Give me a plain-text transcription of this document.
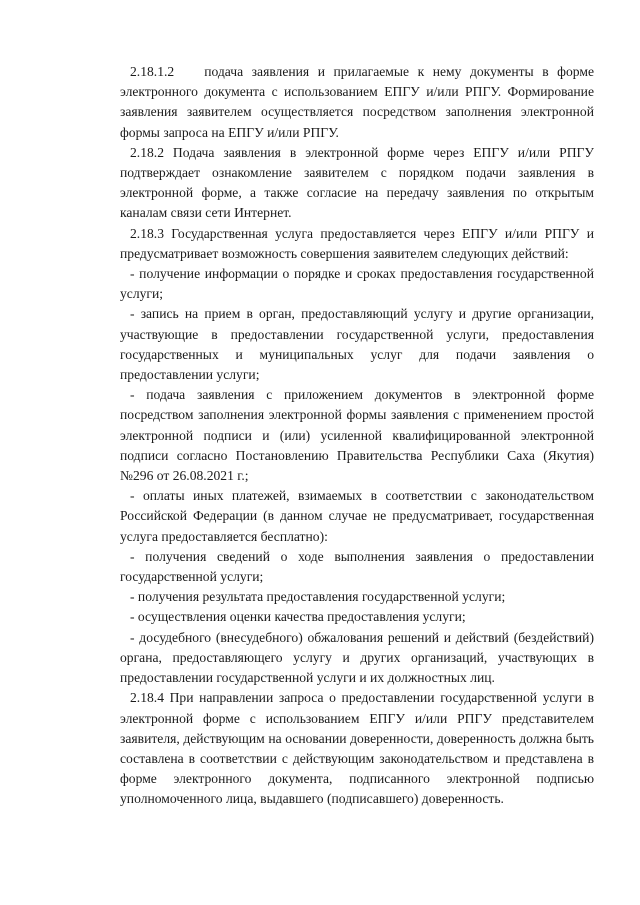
2.18.1.2 подача заявления и прилагаемые к нему документы в форме электронного документа с использованием ЕПГУ и/или РПГУ. Формирование заявления заявителем осуществляется посредством заполнения электронной формы запроса на ЕПГУ и/или РПГУ.

2.18.2 Подача заявления в электронной форме через ЕПГУ и/или РПГУ подтверждает ознакомление заявителем с порядком подачи заявления в электронной форме, а также согласие на передачу заявления по открытым каналам связи сети Интернет.

2.18.3 Государственная услуга предоставляется через ЕПГУ и/или РПГУ и предусматривает возможность совершения заявителем следующих действий:

- получение информации о порядке и сроках предоставления государственной услуги;

- запись на прием в орган, предоставляющий услугу и другие организации, участвующие в предоставлении государственной услуги, предоставления государственных и муниципальных услуг для подачи заявления о предоставлении услуги;

- подача заявления с приложением документов в электронной форме посредством заполнения электронной формы заявления с применением простой электронной подписи и (или) усиленной квалифицированной электронной подписи согласно Постановлению Правительства Республики Саха (Якутия) №296 от 26.08.2021 г.;

- оплаты иных платежей, взимаемых в соответствии с законодательством Российской Федерации (в данном случае не предусматривает, государственная услуга предоставляется бесплатно):

- получения сведений о ходе выполнения заявления о предоставлении государственной услуги;

- получения результата предоставления государственной услуги;

- осуществления оценки качества предоставления услуги;

- досудебного (внесудебного) обжалования решений и действий (бездействий) органа, предоставляющего услугу и других организаций, участвующих в предоставлении государственной услуги и их должностных лиц.

2.18.4 При направлении запроса о предоставлении государственной услуги в электронной форме с использованием ЕПГУ и/или РПГУ представителем заявителя, действующим на основании доверенности, доверенность должна быть составлена в соответствии с действующим законодательством и представлена в форме электронного документа, подписанного электронной подписью уполномоченного лица, выдавшего (подписавшего) доверенность.
